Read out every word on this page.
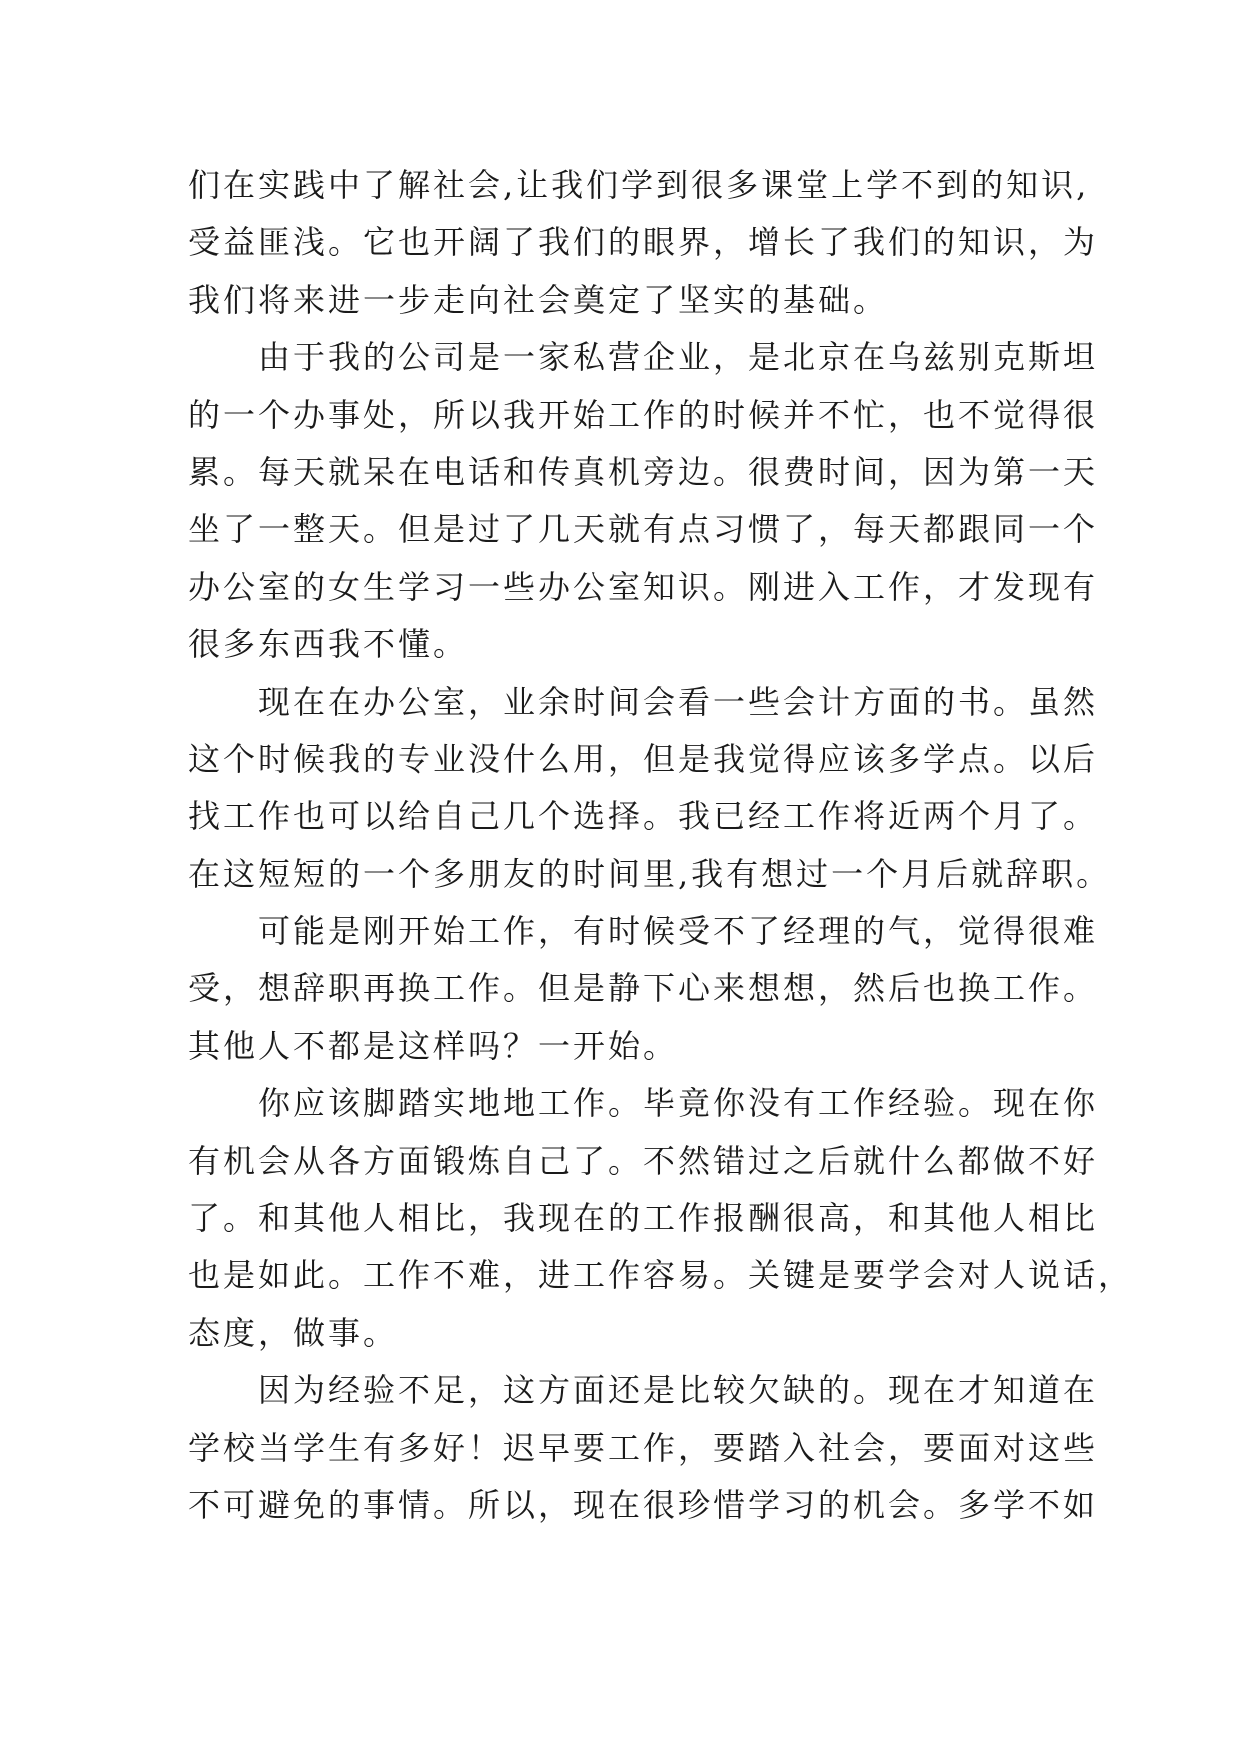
们在实践中了解社会,让我们学到很多课堂上学不到的知识,
受益匪浅。它也开阔了我们的眼界，增长了我们的知识，为
我们将来进一步走向社会奠定了坚实的基础。
　　由于我的公司是一家私营企业，是北京在乌兹别克斯坦
的一个办事处，所以我开始工作的时候并不忙，也不觉得很
累。每天就呆在电话和传真机旁边。很费时间，因为第一天
坐了一整天。但是过了几天就有点习惯了，每天都跟同一个
办公室的女生学习一些办公室知识。刚进入工作，才发现有
很多东西我不懂。
　　现在在办公室，业余时间会看一些会计方面的书。虽然
这个时候我的专业没什么用，但是我觉得应该多学点。以后
找工作也可以给自己几个选择。我已经工作将近两个月了。
在这短短的一个多朋友的时间里,我有想过一个月后就辞职。
　　可能是刚开始工作，有时候受不了经理的气，觉得很难
受，想辞职再换工作。但是静下心来想想，然后也换工作。
其他人不都是这样吗？一开始。
　　你应该脚踏实地地工作。毕竟你没有工作经验。现在你
有机会从各方面锻炼自己了。不然错过之后就什么都做不好
了。和其他人相比，我现在的工作报酬很高，和其他人相比
也是如此。工作不难，进工作容易。关键是要学会对人说话，
态度，做事。
　　因为经验不足，这方面还是比较欠缺的。现在才知道在
学校当学生有多好！迟早要工作，要踏入社会，要面对这些
不可避免的事情。所以，现在很珍惜学习的机会。多学不如
